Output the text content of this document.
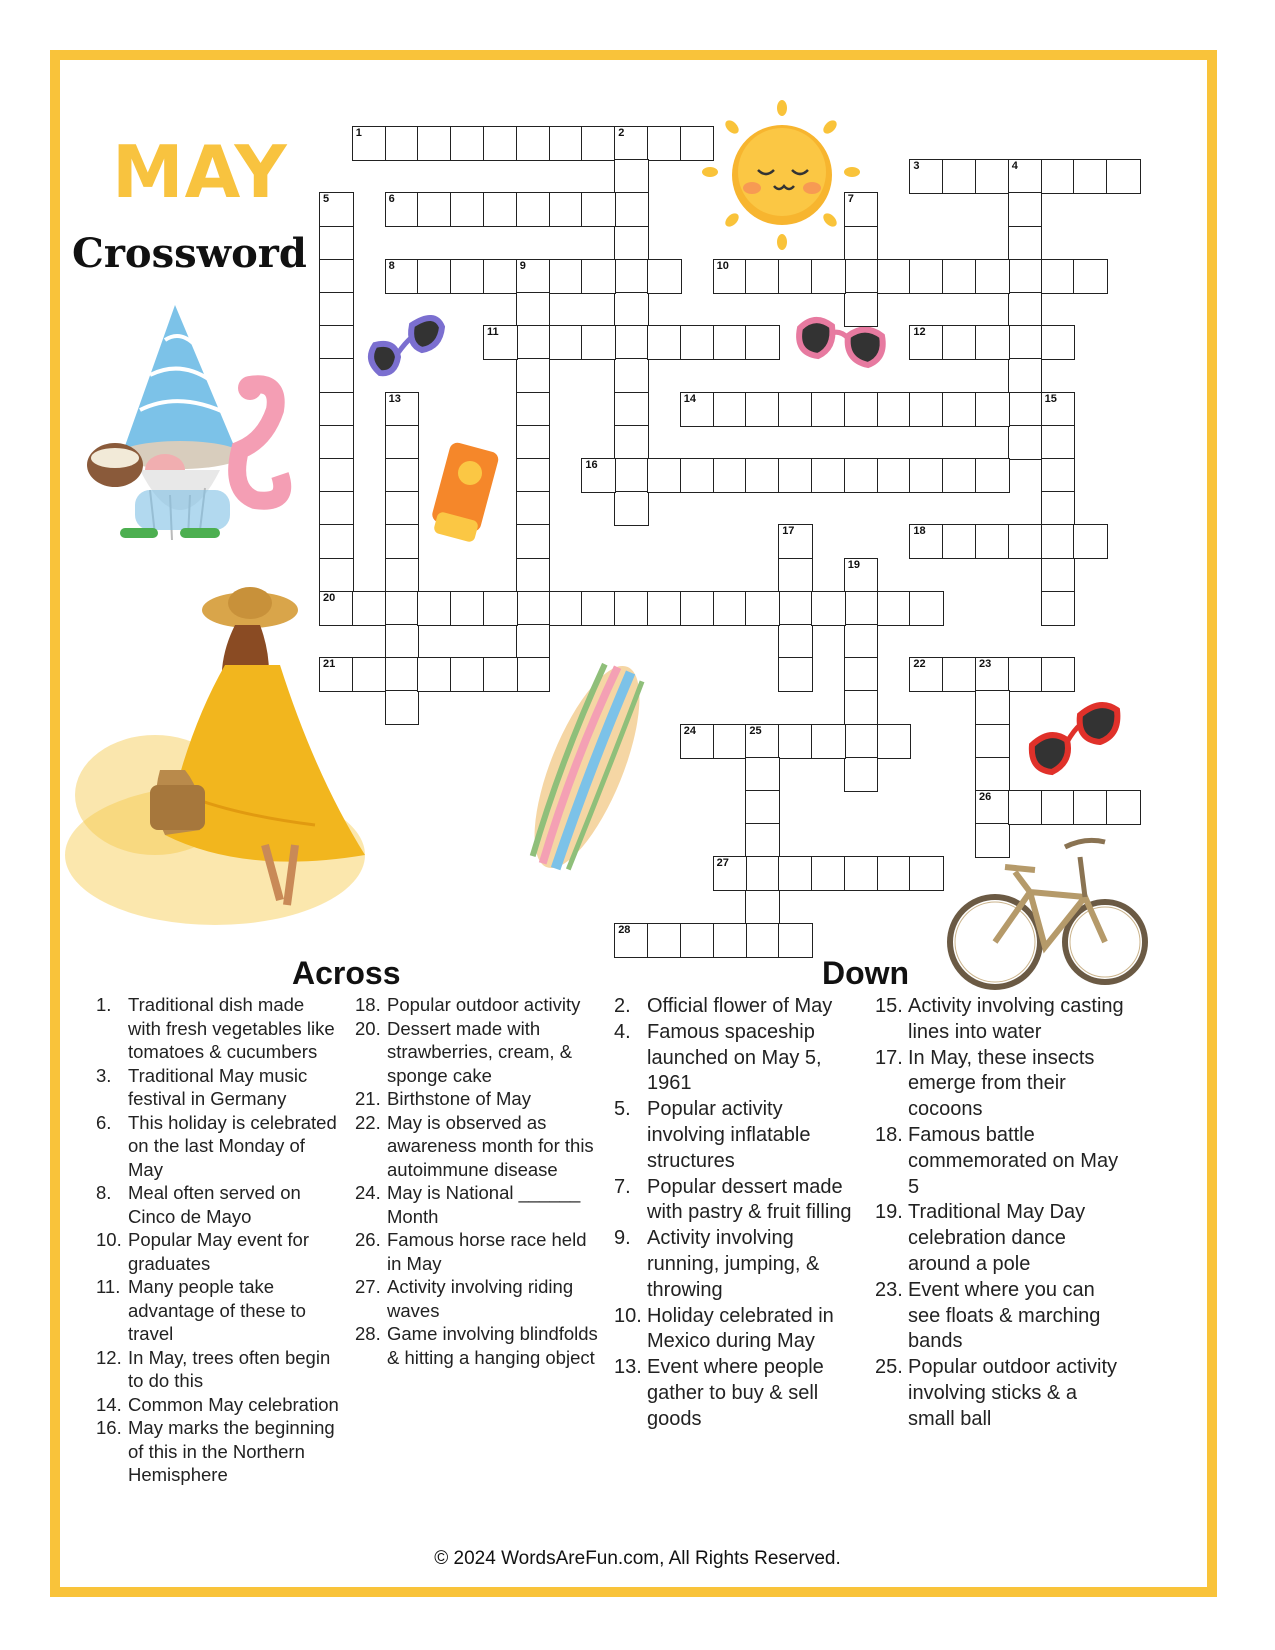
MAY
Crossword
1	2
3	4
5	6	7
8	9	10
11	12
13	14	15
16
17	18
19
20
21	22	23
24	25
26
27
28
Across	Down
1. Traditional dish made with fresh vegetables like tomatoes & cucumbers
3. Traditional May music festival in Germany
6. This holiday is celebrated on the last Monday of May
8. Meal often served on Cinco de Mayo
10. Popular May event for graduates
11. Many people take advantage of these to travel
12. In May, trees often begin to do this
14. Common May celebration
16. May marks the beginning of this in the Northern Hemisphere
18. Popular outdoor activity
20. Dessert made with strawberries, cream, & sponge cake
21. Birthstone of May
22. May is observed as awareness month for this autoimmune disease
24. May is National ______ Month
26. Famous horse race held in May
27. Activity involving riding waves
28. Game involving blindfolds & hitting a hanging object
2. Official flower of May
4. Famous spaceship launched on May 5, 1961
5. Popular activity involving inflatable structures
7. Popular dessert made with pastry & fruit filling
9. Activity involving running, jumping, & throwing
10. Holiday celebrated in Mexico during May
13. Event where people gather to buy & sell goods
15. Activity involving casting lines into water
17. In May, these insects emerge from their cocoons
18. Famous battle commemorated on May 5
19. Traditional May Day celebration dance around a pole
23. Event where you can see floats & marching bands
25. Popular outdoor activity involving sticks & a small ball
© 2024 WordsAreFun.com, All Rights Reserved.
